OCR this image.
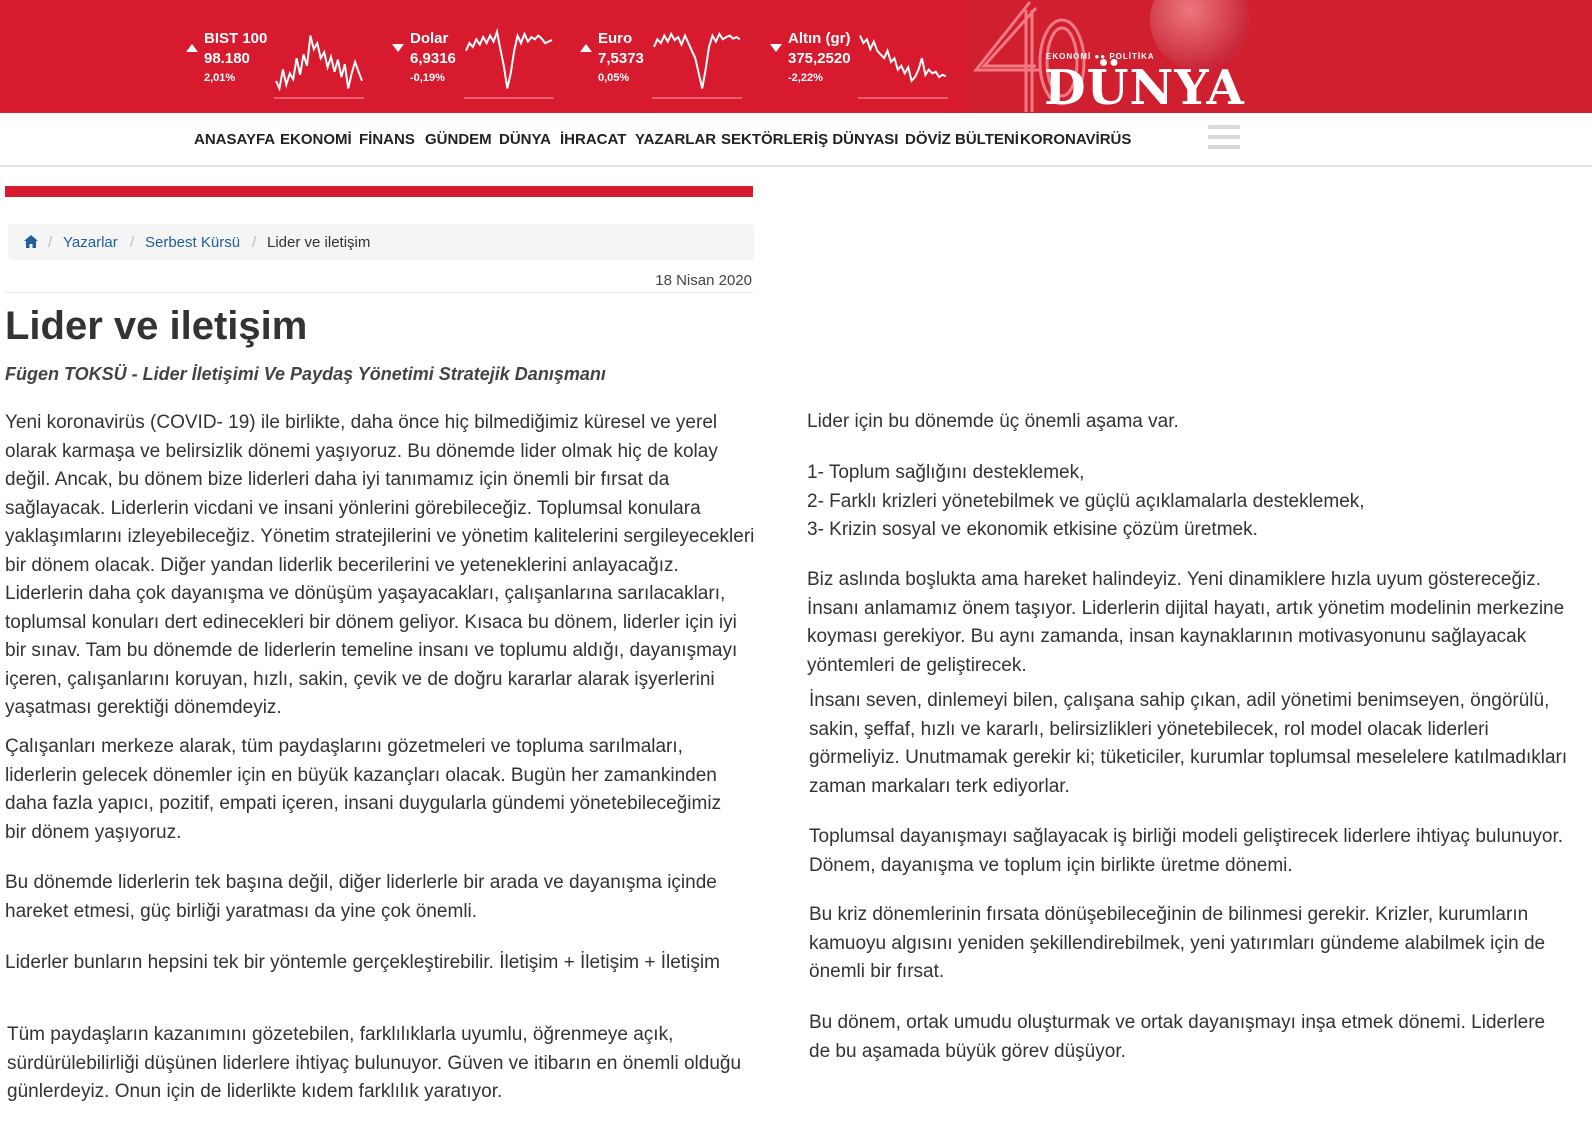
BIST 100
98.180
2,01%
Dolar
6,9316
-0,19%
Euro
7,5373
0,05%
Altın (gr)
375,2520
-2,22%
EKONOMİ ●● POLİTİKA
DÜNYA
ANASAYFA EKONOMİ FİNANS GÜNDEM DÜNYA İHRACAT YAZARLAR SEKTÖRLER İŞ DÜNYASI DÖVİZ BÜLTENİ KORONAVİRÜS
/ Yazarlar / Serbest Kürsü / Lider ve iletişim
18 Nisan 2020
Lider ve iletişim
Fügen TOKSÜ - Lider İletişimi Ve Paydaş Yönetimi Stratejik Danışmanı

Yeni koronavirüs (COVID- 19) ile birlikte, daha önce hiç bilmediğimiz küresel ve yerel olarak karmaşa ve belirsizlik dönemi yaşıyoruz. Bu dönemde lider olmak hiç de kolay değil. Ancak, bu dönem bize liderleri daha iyi tanımamız için önemli bir fırsat da sağlayacak. Liderlerin vicdani ve insani yönlerini görebileceğiz. Toplumsal konulara yaklaşımlarını izleyebileceğiz. Yönetim stratejilerini ve yönetim kalitelerini sergileyecekleri bir dönem olacak. Diğer yandan liderlik becerilerini ve yeteneklerini anlayacağız. Liderlerin daha çok dayanışma ve dönüşüm yaşayacakları, çalışanlarına sarılacakları, toplumsal konuları dert edinecekleri bir dönem geliyor. Kısaca bu dönem, liderler için iyi bir sınav. Tam bu dönemde de liderlerin temeline insanı ve toplumu aldığı, dayanışmayı içeren, çalışanlarını koruyan, hızlı, sakin, çevik ve de doğru kararlar alarak işyerlerini yaşatması gerektiği dönemdeyiz.

Çalışanları merkeze alarak, tüm paydaşlarını gözetmeleri ve topluma sarılmaları, liderlerin gelecek dönemler için en büyük kazançları olacak. Bugün her zamankinden daha fazla yapıcı, pozitif, empati içeren, insani duygularla gündemi yönetebileceğimiz bir dönem yaşıyoruz.

Bu dönemde liderlerin tek başına değil, diğer liderlerle bir arada ve dayanışma içinde hareket etmesi, güç birliği yaratması da yine çok önemli.

Liderler bunların hepsini tek bir yöntemle gerçekleştirebilir. İletişim + İletişim + İletişim

Tüm paydaşların kazanımını gözetebilen, farklılıklarla uyumlu, öğrenmeye açık, sürdürülebilirliği düşünen liderlere ihtiyaç bulunuyor. Güven ve itibarın en önemli olduğu günlerdeyiz. Onun için de liderlikte kıdem farklılık yaratıyor.

Lider için bu dönemde üç önemli aşama var.

1- Toplum sağlığını desteklemek,
2- Farklı krizleri yönetebilmek ve güçlü açıklamalarla desteklemek,
3- Krizin sosyal ve ekonomik etkisine çözüm üretmek.

Biz aslında boşlukta ama hareket halindeyiz. Yeni dinamiklere hızla uyum göstereceğiz. İnsanı anlamamız önem taşıyor. Liderlerin dijital hayatı, artık yönetim modelinin merkezine koyması gerekiyor. Bu aynı zamanda, insan kaynaklarının motivasyonunu sağlayacak yöntemleri de geliştirecek.

İnsanı seven, dinlemeyi bilen, çalışana sahip çıkan, adil yönetimi benimseyen, öngörülü, sakin, şeffaf, hızlı ve kararlı, belirsizlikleri yönetebilecek, rol model olacak liderleri görmeliyiz. Unutmamak gerekir ki; tüketiciler, kurumlar toplumsal meselelere katılmadıkları zaman markaları terk ediyorlar.

Toplumsal dayanışmayı sağlayacak iş birliği modeli geliştirecek liderlere ihtiyaç bulunuyor. Dönem, dayanışma ve toplum için birlikte üretme dönemi.

Bu kriz dönemlerinin fırsata dönüşebileceğinin de bilinmesi gerekir. Krizler, kurumların kamuoyu algısını yeniden şekillendirebilmek, yeni yatırımları gündeme alabilmek için de önemli bir fırsat.

Bu dönem, ortak umudu oluşturmak ve ortak dayanışmayı inşa etmek dönemi. Liderlere de bu aşamada büyük görev düşüyor.
